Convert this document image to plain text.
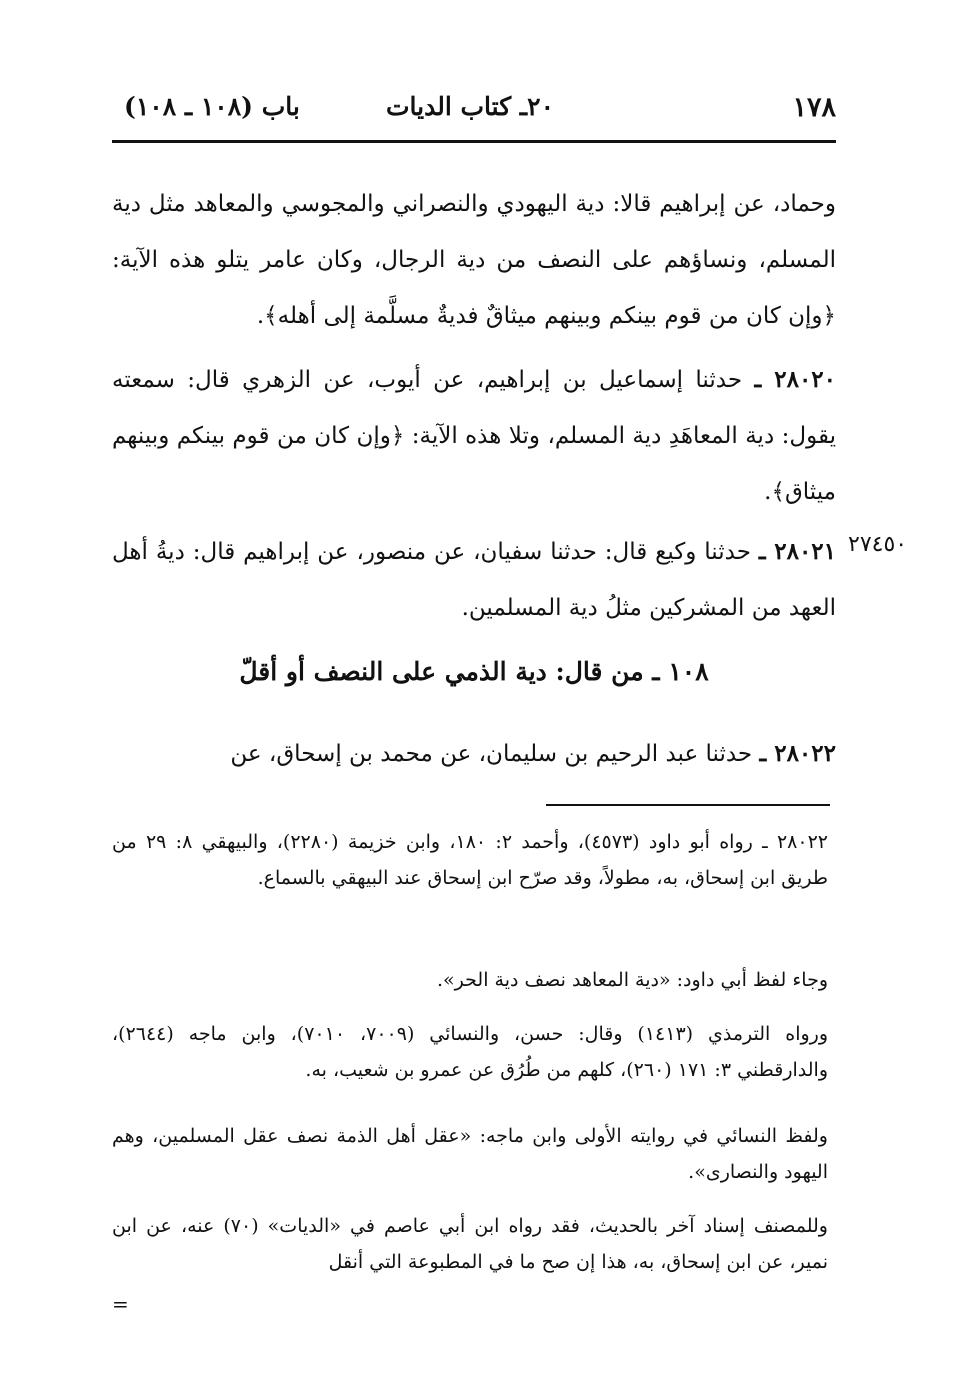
١٧٨
٢٠ـ كتاب الديات
باب (١٠٨ ـ ١٠٨)
وحماد، عن إبراهيم قالا: دية اليهودي والنصراني والمجوسي والمعاهد مثل دية المسلم، ونساؤهم على النصف من دية الرجال، وكان عامر يتلو هذه الآية: ﴿وإن كان من قوم بينكم وبينهم ميثاقٌ فديةٌ مسلَّمة إلى أهله﴾.
٢٨٠٢٠ ـ حدثنا إسماعيل بن إبراهيم، عن أيوب، عن الزهري قال: سمعته يقول: دية المعاهَدِ دية المسلم، وتلا هذه الآية: ﴿وإن كان من قوم بينكم وبينهم ميثاق﴾.
٢٧٤٥٠
٢٨٠٢١ ـ حدثنا وكيع قال: حدثنا سفيان، عن منصور، عن إبراهيم قال: ديةُ أهل العهد من المشركين مثلُ دية المسلمين.
١٠٨ ـ من قال: دية الذمي على النصف أو أقلّ
٢٨٠٢٢ ـ حدثنا عبد الرحيم بن سليمان، عن محمد بن إسحاق، عن
٢٨٠٢٢ ـ رواه أبو داود (٤٥٧٣)، وأحمد ٢: ١٨٠، وابن خزيمة (٢٢٨٠)، والبيهقي ٨: ٢٩ من طريق ابن إسحاق، به، مطولاً، وقد صرّح ابن إسحاق عند البيهقي بالسماع.
وجاء لفظ أبي داود: «دية المعاهد نصف دية الحر».
ورواه الترمذي (١٤١٣) وقال: حسن، والنسائي (٧٠٠٩، ٧٠١٠)، وابن ماجه (٢٦٤٤)، والدارقطني ٣: ١٧١ (٢٦٠)، كلهم من طُرُق عن عمرو بن شعيب، به.
ولفظ النسائي في روايته الأولى وابن ماجه: «عقل أهل الذمة نصف عقل المسلمين، وهم اليهود والنصارى».
وللمصنف إسناد آخر بالحديث، فقد رواه ابن أبي عاصم في «الديات» (٧٠) عنه، عن ابن نمير، عن ابن إسحاق، به، هذا إن صح ما في المطبوعة التي أنقل
=
